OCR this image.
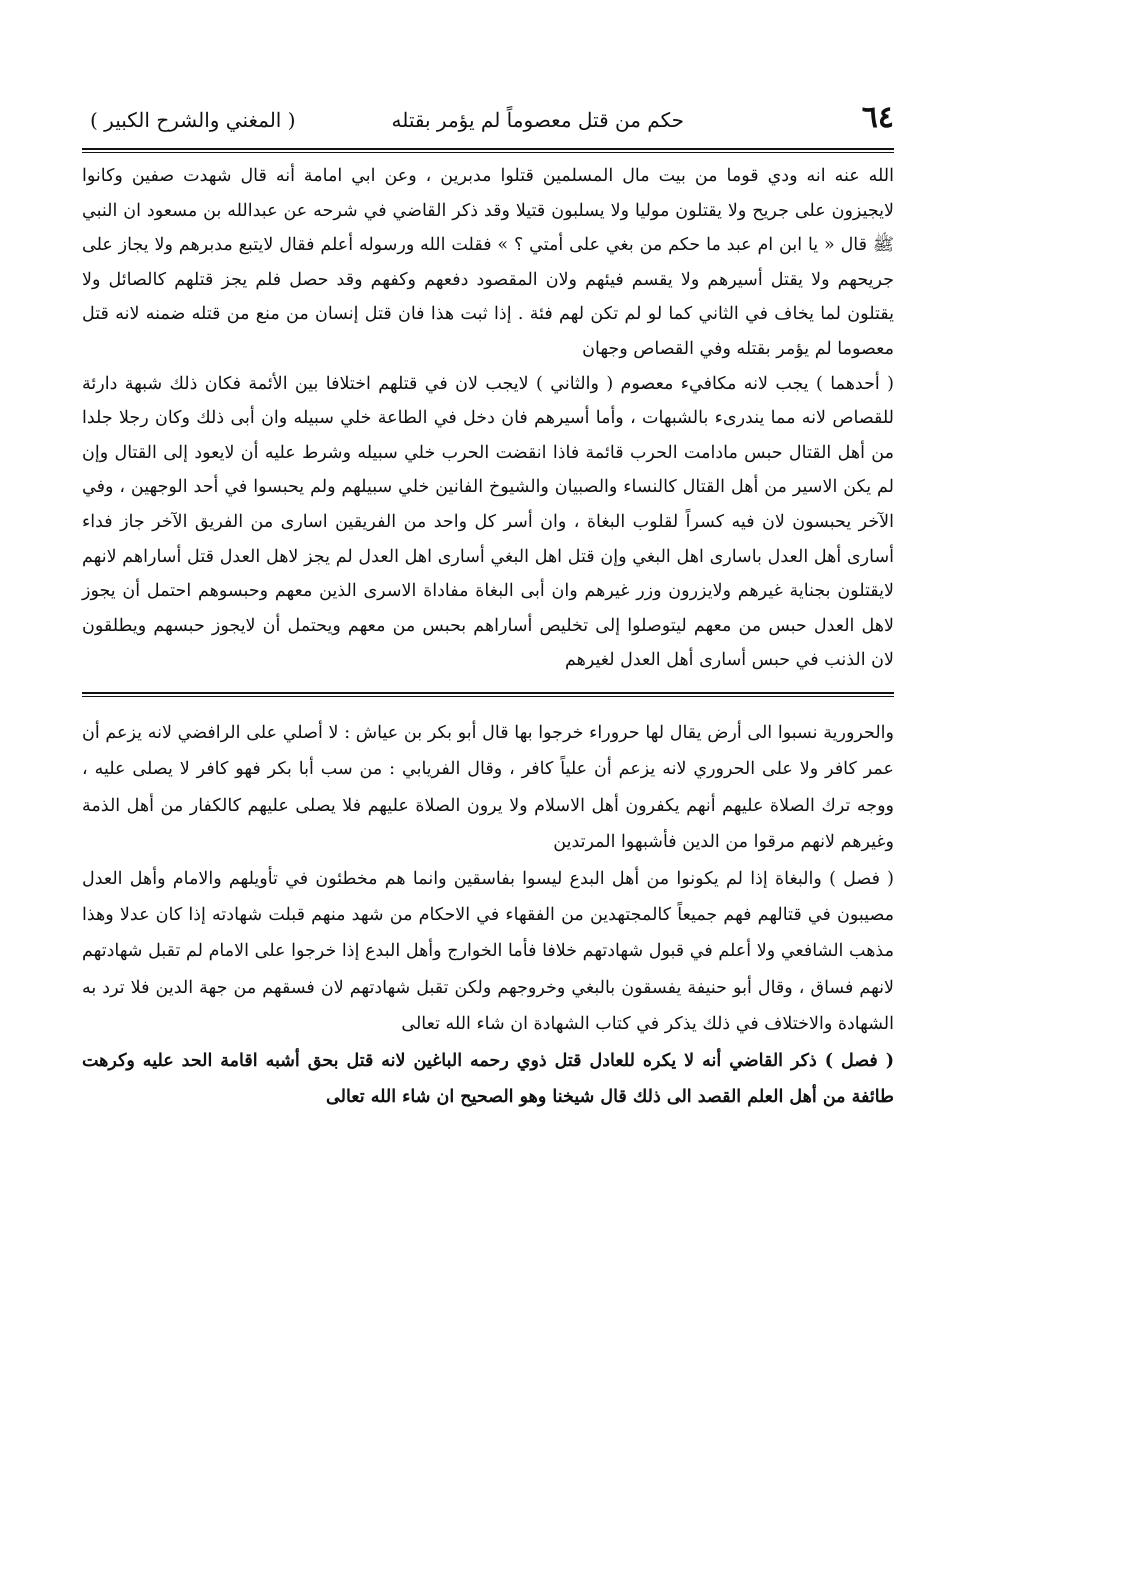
٦٤
حكم من قتل معصوماً لم يؤمر بقتله
( المغني والشرح الكبير )

الله عنه انه ودي قوما من بيت مال المسلمين قتلوا مدبرين ، وعن ابي امامة أنه قال شهدت صفين وكانوا لايجيزون على جريح ولا يقتلون موليا ولا يسلبون قتيلا وقد ذكر القاضي في شرحه عن عبدالله بن مسعود ان النبي ﷺ قال « يا ابن ام عبد ما حكم من بغي على أمتي ؟ » فقلت الله ورسوله أعلم فقال لايتبع مدبرهم ولا يجاز على جريحهم ولا يقتل أسيرهم ولا يقسم فيئهم ولان المقصود دفعهم وكفهم وقد حصل فلم يجز قتلهم كالصائل ولا يقتلون لما يخاف في الثاني كما لو لم تكن لهم فئة . إذا ثبت هذا فان قتل إنسان من منع من قتله ضمنه لانه قتل معصوما لم يؤمر بقتله وفي القصاص وجهان

( أحدهما ) يجب لانه مكافيء معصوم ( والثاني ) لايجب لان في قتلهم اختلافا بين الأئمة فكان ذلك شبهة دارئة للقصاص لانه مما يندرىء بالشبهات ، وأما أسيرهم فان دخل في الطاعة خلي سبيله وان أبى ذلك وكان رجلا جلدا من أهل القتال حبس مادامت الحرب قائمة فاذا انقضت الحرب خلي سبيله وشرط عليه أن لايعود إلى القتال وإن لم يكن الاسير من أهل القتال كالنساء والصبيان والشيوخ الفانين خلي سبيلهم ولم يحبسوا في أحد الوجهين ، وفي الآخر يحبسون لان فيه كسراً لقلوب البغاة ، وان أسر كل واحد من الفريقين اسارى من الفريق الآخر جاز فداء أسارى أهل العدل باسارى اهل البغي وإن قتل اهل البغي أسارى اهل العدل لم يجز لاهل العدل قتل أساراهم لانهم لايقتلون بجناية غيرهم ولايزرون وزر غيرهم وان أبى البغاة مفاداة الاسرى الذين معهم وحبسوهم احتمل أن يجوز لاهل العدل حبس من معهم ليتوصلوا إلى تخليص أساراهم بحبس من معهم ويحتمل أن لايجوز حبسهم ويطلقون لان الذنب في حبس أسارى أهل العدل لغيرهم

والحرورية نسبوا الى أرض يقال لها حروراء خرجوا بها قال أبو بكر بن عياش : لا أصلي على الرافضي لانه يزعم أن عمر كافر ولا على الحروري لانه يزعم أن علياً كافر ، وقال الفريابي : من سب أبا بكر فهو كافر لا يصلى عليه ، ووجه ترك الصلاة عليهم أنهم يكفرون أهل الاسلام ولا يرون الصلاة عليهم فلا يصلى عليهم كالكفار من أهل الذمة وغيرهم لانهم مرقوا من الدين فأشبهوا المرتدين

( فصل ) والبغاة إذا لم يكونوا من أهل البدع ليسوا بفاسقين وانما هم مخطئون في تأويلهم والامام وأهل العدل مصيبون في قتالهم فهم جميعاً كالمجتهدين من الفقهاء في الاحكام من شهد منهم قبلت شهادته إذا كان عدلا وهذا مذهب الشافعي ولا أعلم في قبول شهادتهم خلافا فأما الخوارج وأهل البدع إذا خرجوا على الامام لم تقبل شهادتهم لانهم فساق ، وقال أبو حنيفة يفسقون بالبغي وخروجهم ولكن تقبل شهادتهم لان فسقهم من جهة الدين فلا ترد به الشهادة والاختلاف في ذلك يذكر في كتاب الشهادة ان شاء الله تعالى

( فصل ) ذكر القاضي أنه لا يكره للعادل قتل ذوي رحمه الباغين لانه قتل بحق أشبه اقامة الحد عليه وكرهت طائفة من أهل العلم القصد الى ذلك قال شيخنا وهو الصحيح ان شاء الله تعالى
